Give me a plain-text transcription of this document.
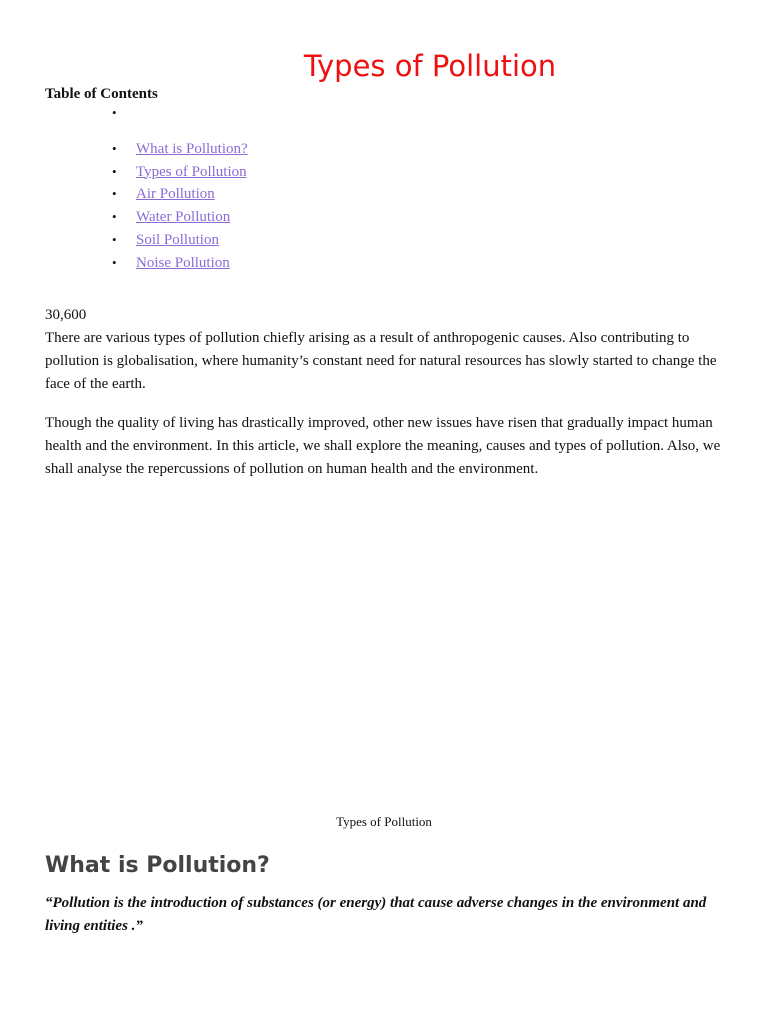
Types of Pollution
Table of Contents
•
• What is Pollution?
• Types of Pollution
• Air Pollution
• Water Pollution
• Soil Pollution
• Noise Pollution
30,600

There are various types of pollution chiefly arising as a result of anthropogenic causes. Also contributing to pollution is globalisation, where humanity’s constant need for natural resources has slowly started to change the face of the earth.

Though the quality of living has drastically improved, other new issues have risen that gradually impact human health and the environment. In this article, we shall explore the meaning, causes and types of pollution. Also, we shall analyse the repercussions of pollution on human health and the environment.

Types of Pollution
What is Pollution?

“Pollution is the introduction of substances (or energy) that cause adverse changes in the environment and living entities .”
